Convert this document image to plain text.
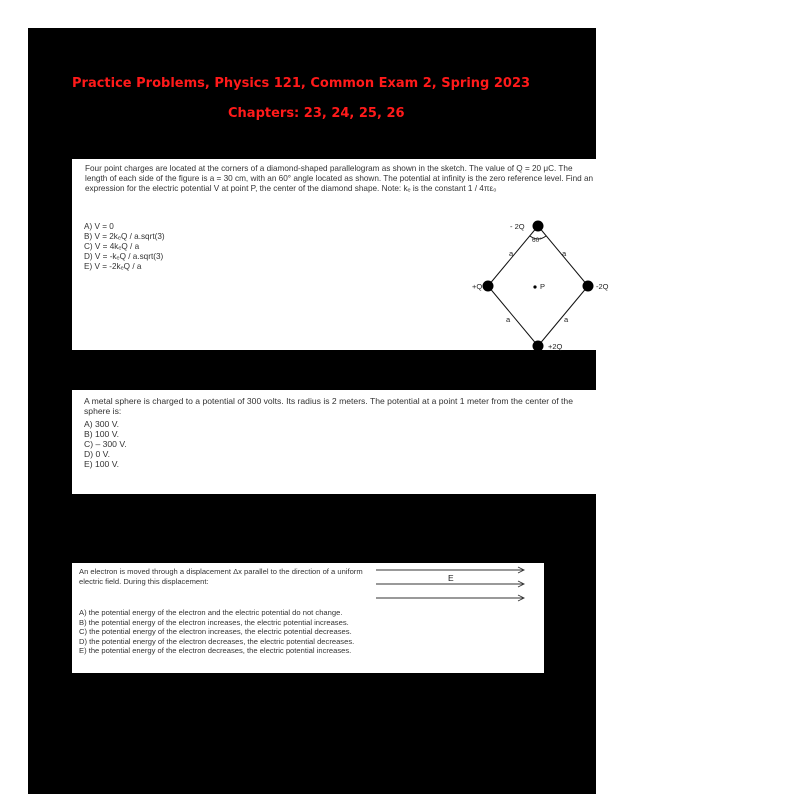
Practice Problems, Physics 121, Common Exam 2, Spring 2023
Chapters: 23, 24, 25, 26
Four point charges are located at the corners of a diamond-shaped parallelogram as shown in the sketch. The value of Q = 20 μC. The length of each side of the figure is a = 30 cm, with an 60° angle located as shown. The potential at infinity is the zero reference level. Find an expression for the electric potential V at point P, the center of the diamond shape. Note: kₑ is the constant 1 / 4πε₀
A) V = 0
B) V = 2kₑQ / a.sqrt(3)
C) V = 4kₑQ / a
D) V = -kₑQ / a.sqrt(3)
E) V = -2kₑQ / a
- 2Q
60°
a	a
+Q	P	-2Q
a	a
+2Q
A metal sphere is charged to a potential of 300 volts. Its radius is 2 meters. The potential at a point 1 meter from the center of the sphere is:
A) 300 V.
B) 100 V.
C) – 300 V.
D) 0 V.
E) 100 V.
An electron is moved through a displacement Δx parallel to the direction of a uniform electric field. During this displacement:	E
A) the potential energy of the electron and the electric potential do not change.
B) the potential energy of the electron increases, the electric potential increases.
C) the potential energy of the electron increases, the electric potential decreases.
D) the potential energy of the electron decreases, the electric potential decreases.
E) the potential energy of the electron decreases, the electric potential increases.
